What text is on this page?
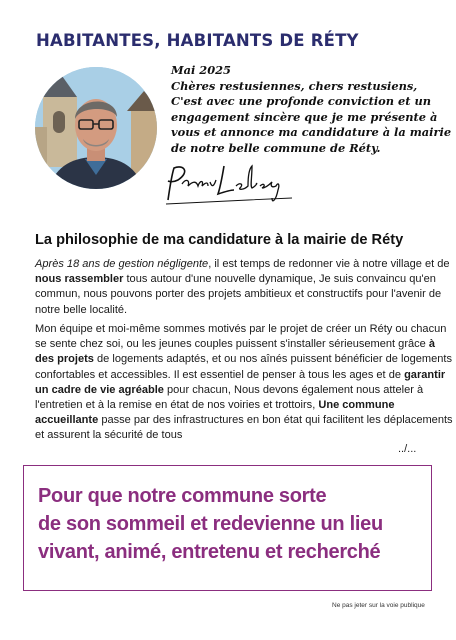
HABITANTES, HABITANTS DE RÉTY
Mai 2025
Chères restusiennes, chers restusiens,
C'est avec une profonde conviction et un
engagement sincère que je me présente à
vous et annonce ma candidature à la mairie
de notre belle commune de Réty.
La philosophie de ma candidature à la mairie de Réty
Après 18 ans de gestion négligente, il est temps de redonner vie à notre village et de
nous rassembler tous autour d'une nouvelle dynamique, Je suis convaincu qu'en
commun, nous pouvons porter des projets ambitieux et constructifs pour l'avenir de
notre belle localité.
Mon équipe et moi-même sommes motivés par le projet de créer un Réty ou chacun
se sente chez soi, ou les jeunes couples puissent s'installer sérieusement grâce à
des projets de logements adaptés, et ou nos aînés puissent bénéficier de logements
confortables et accessibles. Il est essentiel de penser à tous les ages et de garantir
un cadre de vie agréable pour chacun, Nous devons également nous atteler à
l'entretien et à la remise en état de nos voiries et trottoirs, Une commune
accueillante passe par des infrastructures en bon état qui facilitent les déplacements
et assurent la sécurité de tous
../...
Pour que notre commune sorte
de son sommeil et redevienne un lieu
vivant, animé, entretenu et recherché
Ne pas jeter sur la voie publique
